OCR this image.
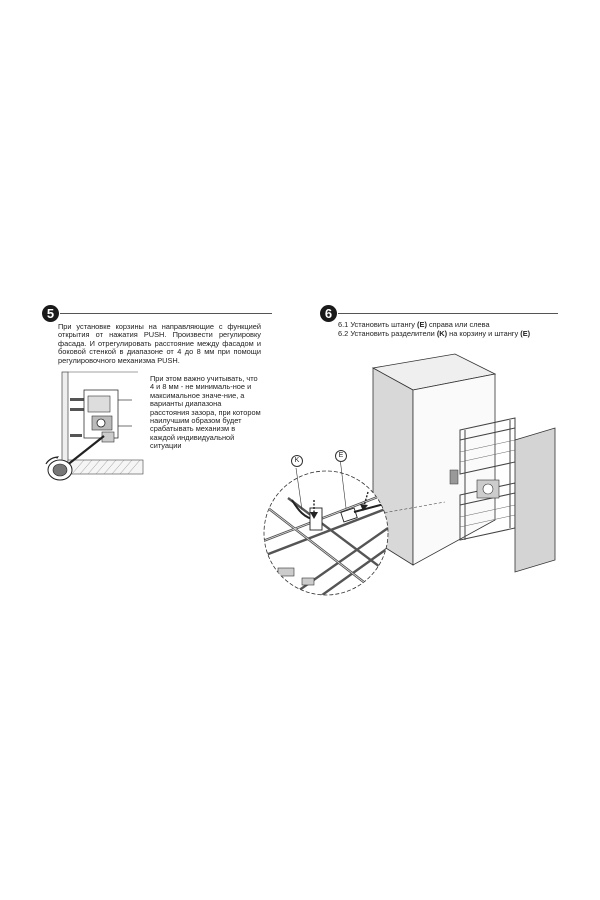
5
При установке корзины на направляющие с функцией открытия от нажатия PUSH. Произвести регулировку фасада. И отрегулировать расстояние между фасадом и боковой стенкой в диапазоне от 4 до 8 мм при помощи регулировочного механизма PUSH.
При этом важно учитывать, что 4 и 8 мм - не минималь-ное и максимальное значе-ние, а варианты диапазона расстояния зазора, при котором наилучшим образом будет срабатывать механизм в каждой индивидуальной ситуации
6
6.1 Установить штангу (E) справа или слева
6.2 Установить разделители (K) на корзину и штангу (E)
K
E
